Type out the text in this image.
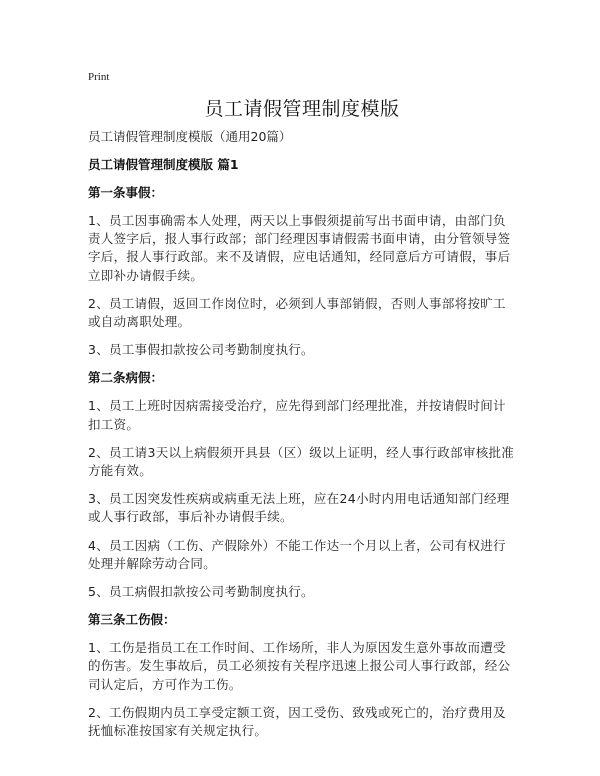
Print
员工请假管理制度模版

员工请假管理制度模版（通用20篇）

员工请假管理制度模版 篇1

第一条事假：

1、员工因事确需本人处理，两天以上事假须提前写出书面申请，由部门负责人签字后，报人事行政部；部门经理因事请假需书面申请，由分管领导签字后，报人事行政部。来不及请假，应电话通知，经同意后方可请假，事后立即补办请假手续。

2、员工请假，返回工作岗位时，必须到人事部销假，否则人事部将按旷工或自动离职处理。

3、员工事假扣款按公司考勤制度执行。

第二条病假：

1、员工上班时因病需接受治疗，应先得到部门经理批准，并按请假时间计扣工资。

2、员工请3天以上病假须开具县（区）级以上证明，经人事行政部审核批准方能有效。

3、员工因突发性疾病或病重无法上班，应在24小时内用电话通知部门经理或人事行政部，事后补办请假手续。

4、员工因病（工伤、产假除外）不能工作达一个月以上者，公司有权进行处理并解除劳动合同。

5、员工病假扣款按公司考勤制度执行。

第三条工伤假：

1、工伤是指员工在工作时间、工作场所，非人为原因发生意外事故而遭受的伤害。发生事故后，员工必须按有关程序迅速上报公司人事行政部，经公司认定后，方可作为工伤。

2、工伤假期内员工享受定额工资，因工受伤、致残或死亡的，治疗费用及抚恤标准按国家有关规定执行。
